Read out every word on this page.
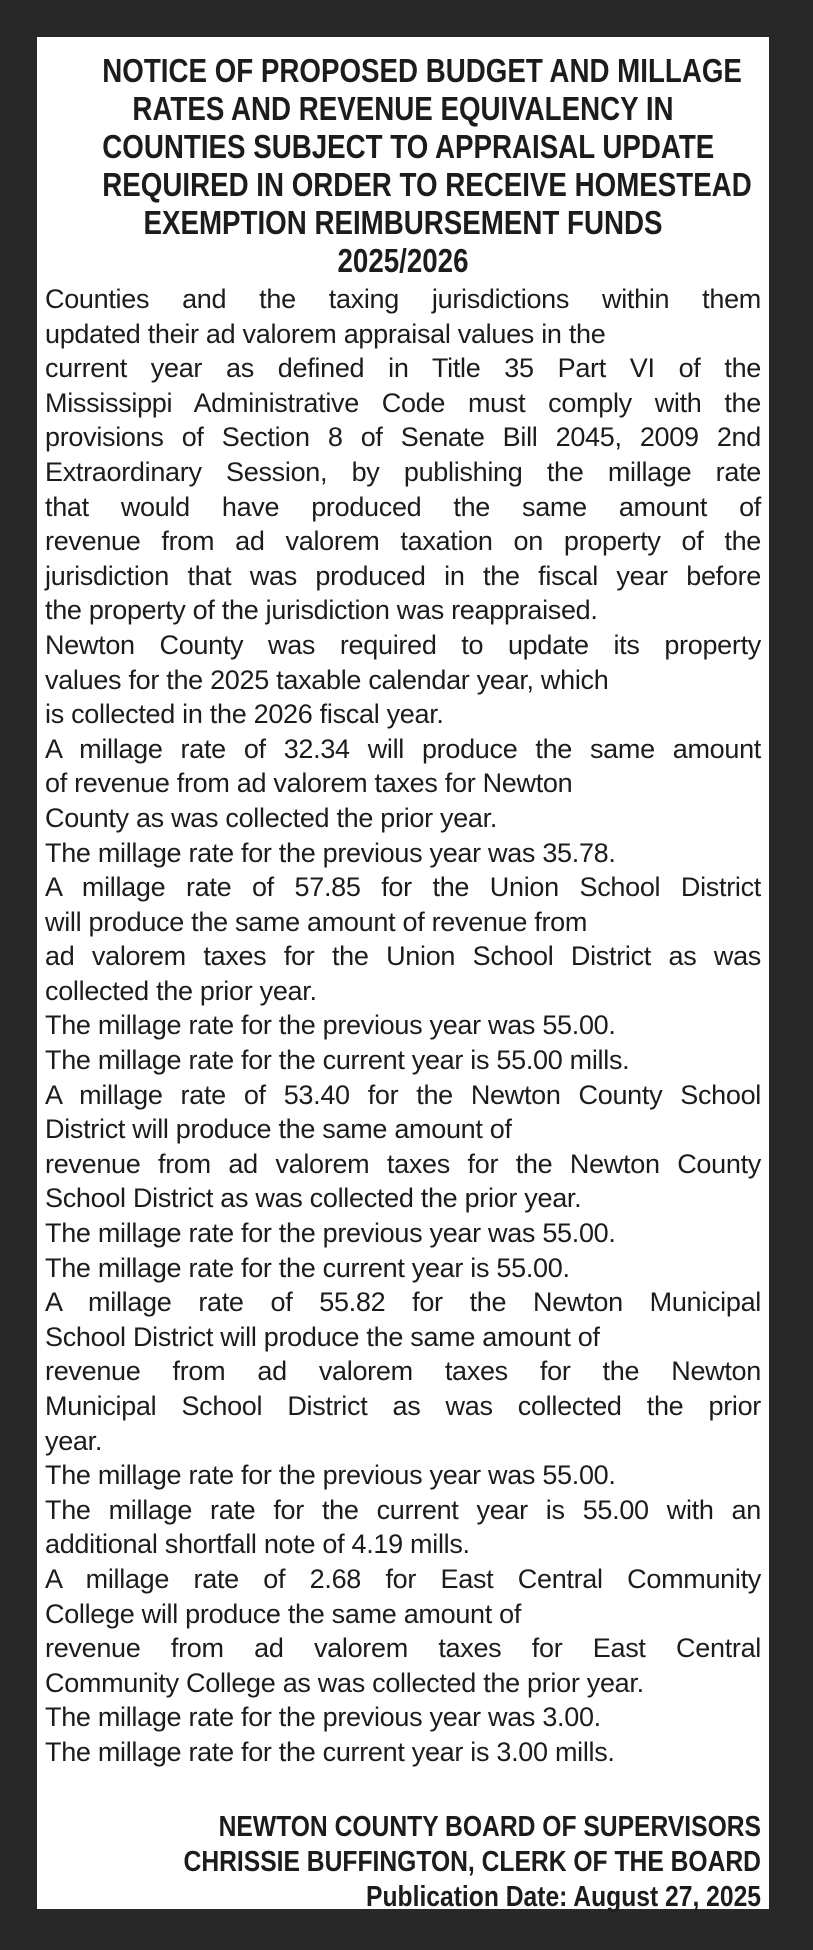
NOTICE OF PROPOSED BUDGET AND MILLAGE
RATES AND REVENUE EQUIVALENCY IN
COUNTIES SUBJECT TO APPRAISAL UPDATE
REQUIRED IN ORDER TO RECEIVE HOMESTEAD
EXEMPTION REIMBURSEMENT FUNDS
2025/2026
Counties and the taxing jurisdictions within them
updated their ad valorem appraisal values in the
current year as defined in Title 35 Part VI of the
Mississippi Administrative Code must comply with the
provisions of Section 8 of Senate Bill 2045, 2009 2nd
Extraordinary Session, by publishing the millage rate
that would have produced the same amount of
revenue from ad valorem taxation on property of the
jurisdiction that was produced in the fiscal year before
the property of the jurisdiction was reappraised.
Newton County was required to update its property
values for the 2025 taxable calendar year, which
is collected in the 2026 fiscal year.
A millage rate of 32.34 will produce the same amount
of revenue from ad valorem taxes for Newton
County as was collected the prior year.
The millage rate for the previous year was 35.78.
A millage rate of 57.85 for the Union School District
will produce the same amount of revenue from
ad valorem taxes for the Union School District as was
collected the prior year.
The millage rate for the previous year was 55.00.
The millage rate for the current year is 55.00 mills.
A millage rate of 53.40 for the Newton County School
District will produce the same amount of
revenue from ad valorem taxes for the Newton County
School District as was collected the prior year.
The millage rate for the previous year was 55.00.
The millage rate for the current year is 55.00.
A millage rate of 55.82 for the Newton Municipal
School District will produce the same amount of
revenue from ad valorem taxes for the Newton
Municipal School District as was collected the prior
year.
The millage rate for the previous year was 55.00.
The millage rate for the current year is 55.00 with an
additional shortfall note of 4.19 mills.
A millage rate of 2.68 for East Central Community
College will produce the same amount of
revenue from ad valorem taxes for East Central
Community College as was collected the prior year.
The millage rate for the previous year was 3.00.
The millage rate for the current year is 3.00 mills.
NEWTON COUNTY BOARD OF SUPERVISORS
CHRISSIE BUFFINGTON, CLERK OF THE BOARD
Publication Date: August 27, 2025
